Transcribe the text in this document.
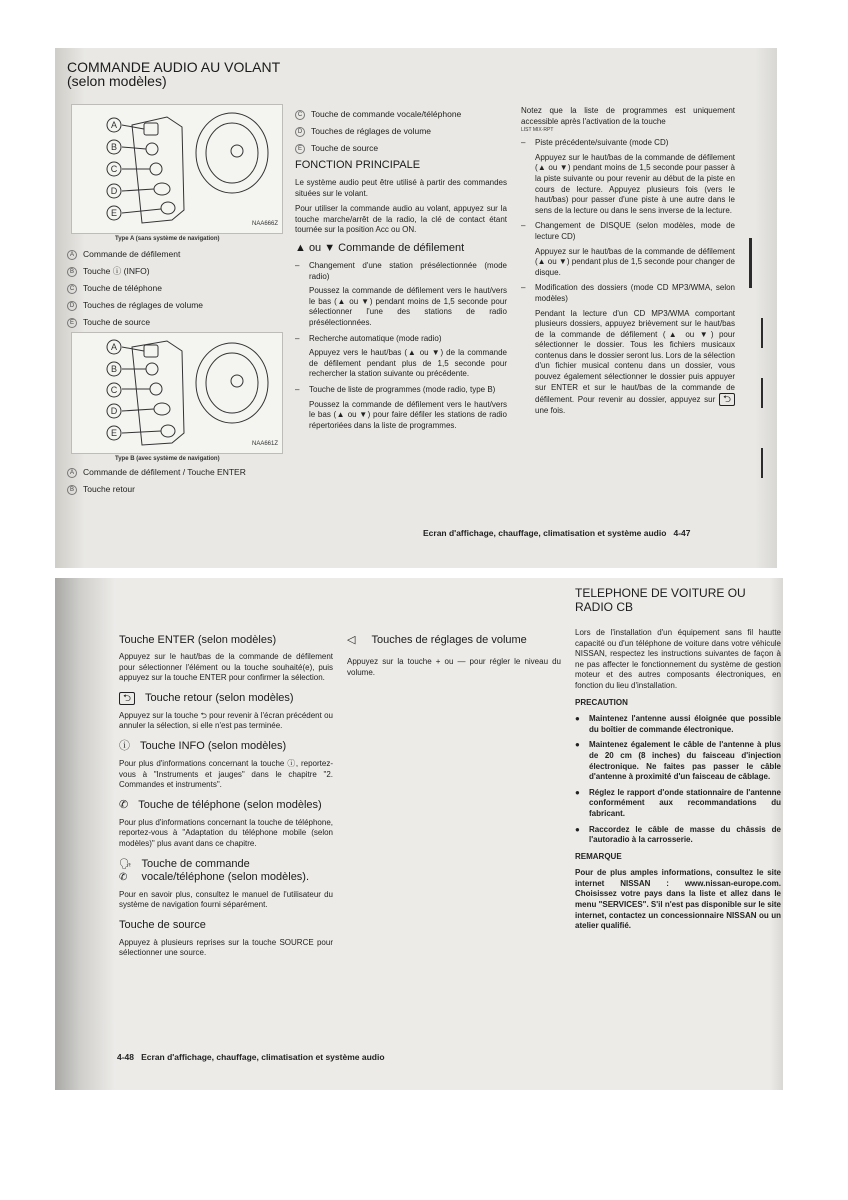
COMMANDE AUDIO AU VOLANT
(selon modèles)
A
B
C
D
E
NAA666Z
Type A (sans système de navigation)
A	Commande de défilement
B	Touche ⓘ (INFO)
C	Touche de téléphone
D	Touches de réglages de volume
E	Touche de source
A
B
C
D
E
NAA661Z
Type B (avec système de navigation)
A	Commande de défilement / Touche ENTER
B	Touche retour
C	Touche de commande vocale/téléphone
D	Touches de réglages de volume
E	Touche de source
FONCTION PRINCIPALE
Le système audio peut être utilisé à partir des commandes situées sur le volant.
Pour utiliser la commande audio au volant, appuyez sur la touche marche/arrêt de la radio, la clé de contact étant tournée sur la position Acc ou ON.
▲ ou ▼ Commande de défilement
–	Changement d'une station présélectionnée (mode radio)
Poussez la commande de défilement vers le haut/vers le bas (▲ ou ▼) pendant moins de 1,5 seconde pour sélectionner l'une des stations de radio présélectionnées.
–	Recherche automatique (mode radio)
Appuyez vers le haut/bas (▲ ou ▼) de la commande de défilement pendant plus de 1,5 seconde pour rechercher la station suivante ou précédente.
–	Touche de liste de programmes (mode radio, type B)
Poussez la commande de défilement vers le haut/vers le bas (▲ ou ▼) pour faire défiler les stations de radio répertoriées dans la liste de programmes.
Notez que la liste de programmes est uniquement accessible après l'activation de la touche
LIST MIX·RPT
–	Piste précédente/suivante (mode CD)
Appuyez sur le haut/bas de la commande de défilement (▲ ou ▼) pendant moins de 1,5 seconde pour passer à la piste suivante ou pour revenir au début de la piste en cours de lecture. Appuyez plusieurs fois (vers le haut/bas) pour passer d'une piste à une autre dans le sens de la lecture ou dans le sens inverse de la lecture.
–	Changement de DISQUE (selon modèles, mode de lecture CD)
Appuyez sur le haut/bas de la commande de défilement (▲ ou ▼) pendant plus de 1,5 seconde pour changer de disque.
–	Modification des dossiers (mode CD MP3/WMA, selon modèles)
Pendant la lecture d'un CD MP3/WMA comportant plusieurs dossiers, appuyez brièvement sur le haut/bas de la commande de défilement (▲ ou ▼) pour sélectionner le dossier. Tous les fichiers musicaux contenus dans le dossier seront lus. Lors de la sélection d'un fichier musical contenu dans un dossier, vous pouvez également sélectionner le dossier puis appuyer sur ENTER et sur le haut/bas de la commande de défilement. Pour revenir au dossier, appuyez sur ⮌ une fois.
Ecran d'affichage, chauffage, climatisation et système audio 4-47
Touche ENTER (selon modèles)
Appuyez sur le haut/bas de la commande de défilement pour sélectionner l'élément ou la touche souhaité(e), puis appuyez sur la touche ENTER pour confirmer la sélection.
⮌	Touche retour (selon modèles)
Appuyez sur la touche ⮌ pour revenir à l'écran précédent ou annuler la sélection, si elle n'est pas terminée.
ⓘ Touche INFO (selon modèles)
Pour plus d'informations concernant la touche ⓘ, reportez-vous à "Instruments et jauges" dans le chapitre "2. Commandes et instruments".
✆ Touche de téléphone (selon modèles)
Pour plus d'informations concernant la touche de téléphone, reportez-vous à "Adaptation du téléphone mobile (selon modèles)" plus avant dans ce chapitre.
🗣✆
Touche de commande vocale/téléphone (selon modèles).
Pour en savoir plus, consultez le manuel de l'utilisateur du système de navigation fourni séparément.
Touche de source
Appuyez à plusieurs reprises sur la touche SOURCE pour sélectionner une source.
◁ Touches de réglages de volume
Appuyez sur la touche + ou — pour régler le niveau du volume.
TELEPHONE DE VOITURE OU RADIO CB
Lors de l'installation d'un équipement sans fil hautte capacité ou d'un téléphone de voiture dans votre véhicule NISSAN, respectez les instructions suivantes de façon à ne pas affecter le fonctionnement du système de gestion moteur et des autres composants électroniques, en fonction du lieu d'installation.
PRECAUTION
●	Maintenez l'antenne aussi éloignée que possible du boîtier de commande électronique.
●	Maintenez également le câble de l'antenne à plus de 20 cm (8 inches) du faisceau d'injection électronique. Ne faites pas passer le câble d'antenne à proximité d'un faisceau de câblage.
●	Réglez le rapport d'onde stationnaire de l'antenne conformément aux recommandations du fabricant.
●	Raccordez le câble de masse du châssis de l'autoradio à la carrosserie.
REMARQUE
Pour de plus amples informations, consultez le site internet NISSAN : www.nissan-europe.com. Choisissez votre pays dans la liste et allez dans le menu "SERVICES". S'il n'est pas disponible sur le site internet, contactez un concessionnaire NISSAN ou un atelier qualifié.
4-48 Ecran d'affichage, chauffage, climatisation et système audio
